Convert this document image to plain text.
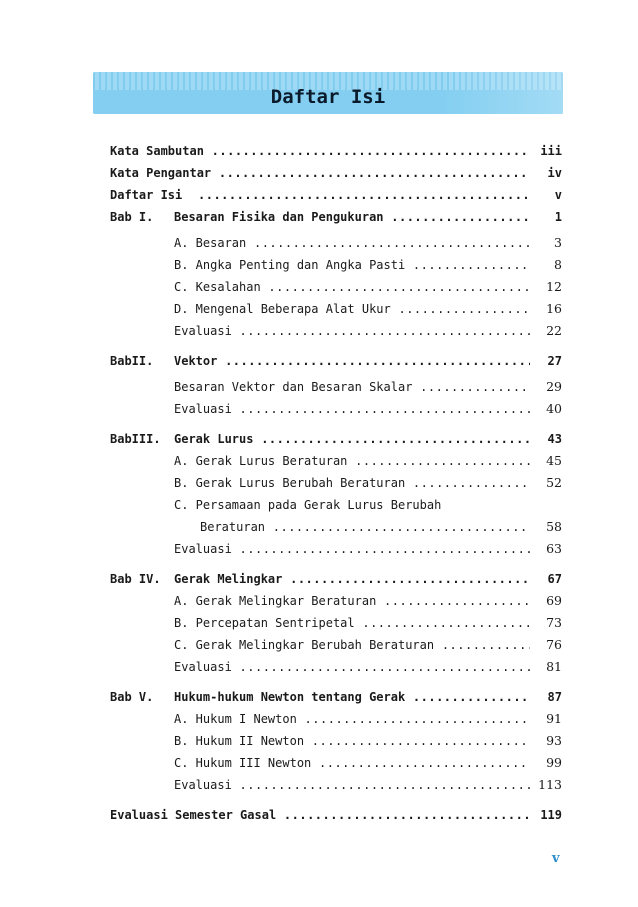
Daftar Isi
Kata Sambutan .....	iii
Kata Pengantar .....	iv
Daftar Isi .....	v
Bab I. Besaran Fisika dan Pengukuran .....	1
A. Besaran .....	3
B. Angka Penting dan Angka Pasti .....	8
C. Kesalahan .....	12
D. Mengenal Beberapa Alat Ukur .....	16
Evaluasi .....	22
BabII. Vektor .....	27
Besaran Vektor dan Besaran Skalar .....	29
Evaluasi .....	40
BabIII. Gerak Lurus .....	43
A. Gerak Lurus Beraturan .....	45
B. Gerak Lurus Berubah Beraturan .....	52
C. Persamaan pada Gerak Lurus Berubah
Beraturan .....	58
Evaluasi .....	63
Bab IV. Gerak Melingkar .....	67
A. Gerak Melingkar Beraturan .....	69
B. Percepatan Sentripetal .....	73
C. Gerak Melingkar Berubah Beraturan .....	76
Evaluasi .....	81
Bab V. Hukum-hukum Newton tentang Gerak .....	87
A. Hukum I Newton .....	91
B. Hukum II Newton .....	93
C. Hukum III Newton .....	99
Evaluasi .....	113
Evaluasi Semester Gasal .....	119
v
